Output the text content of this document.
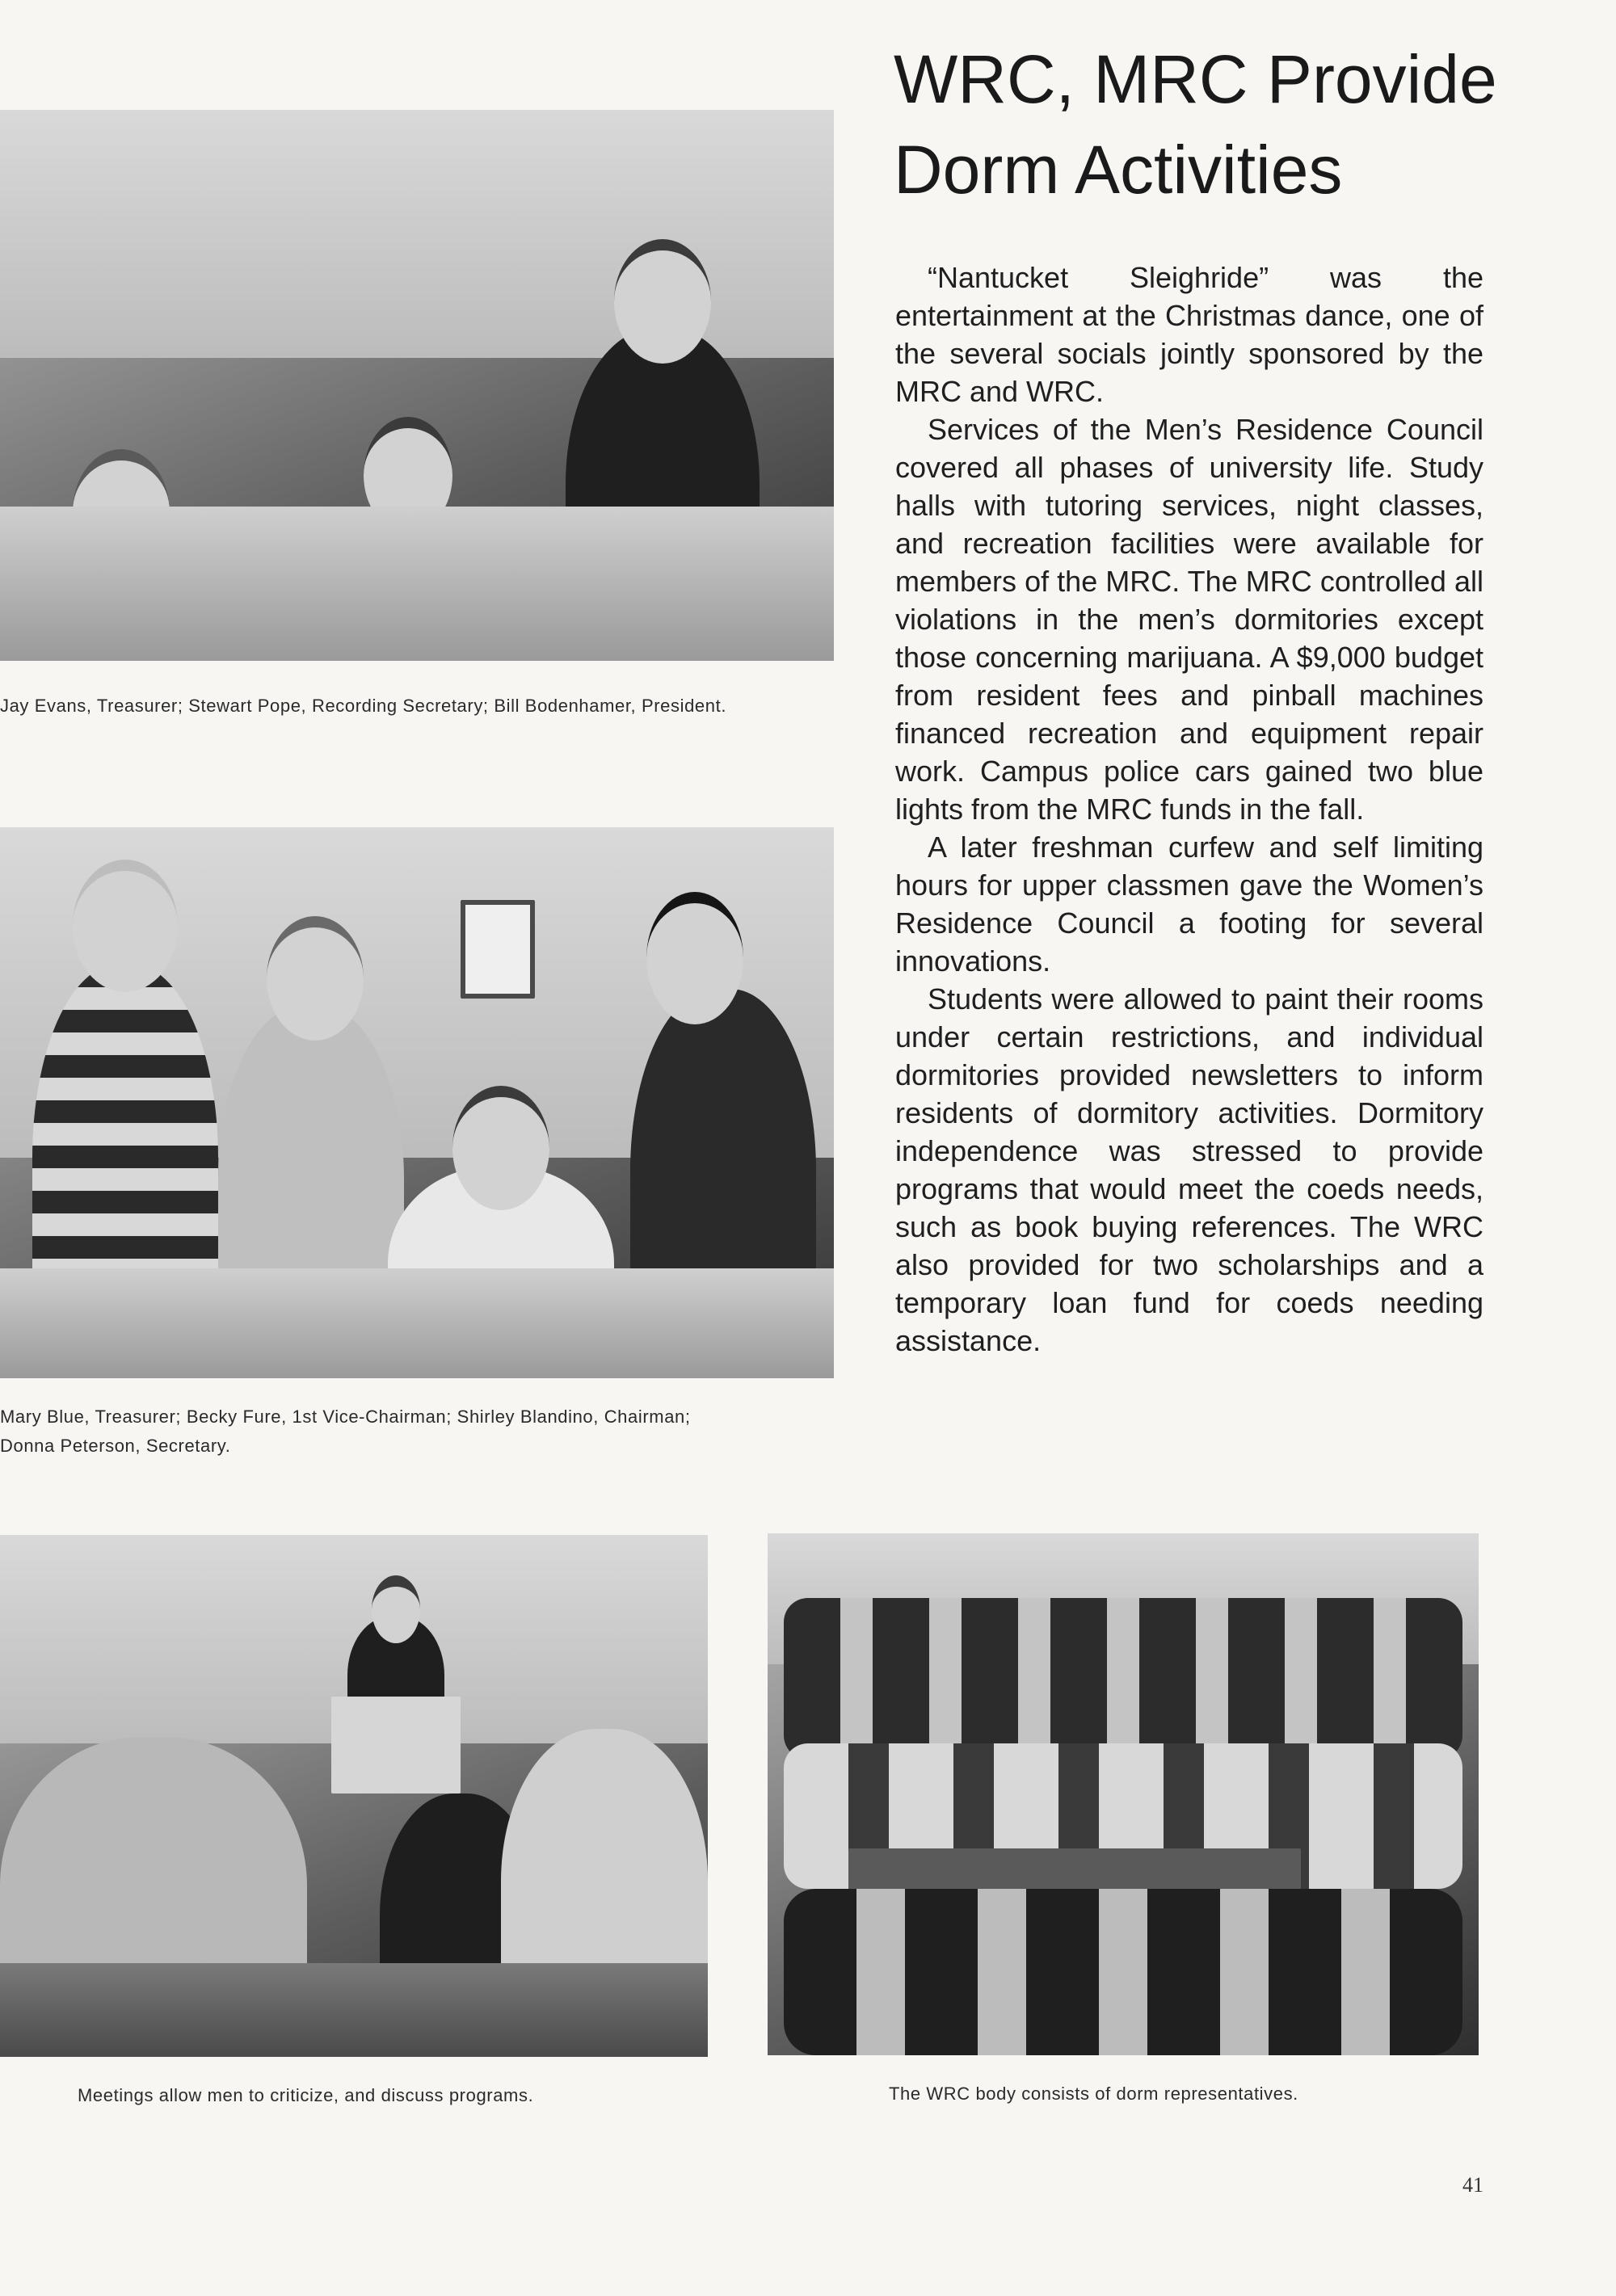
WRC, MRC Provide
Dorm Activities
Jay Evans, Treasurer; Stewart Pope, Recording Secretary; Bill Bodenhamer, President.
Mary Blue, Treasurer; Becky Fure, 1st Vice-Chairman; Shirley Blandino, Chairman;
Donna Peterson, Secretary.

“Nantucket Sleighride” was the entertainment at the Christmas dance, one of the several socials jointly sponsored by the MRC and WRC.

Services of the Men’s Residence Council covered all phases of university life. Study halls with tutoring services, night classes, and recreation facilities were available for members of the MRC. The MRC controlled all violations in the men’s dormitories except those concerning marijuana. A $9,000 budget from resident fees and pinball machines financed recreation and equipment repair work. Campus police cars gained two blue lights from the MRC funds in the fall.

A later freshman curfew and self limiting hours for upper classmen gave the Women’s Residence Council a footing for several innovations.

Students were allowed to paint their rooms under certain restrictions, and individual dormitories provided newsletters to inform residents of dormitory activities. Dormitory independence was stressed to provide programs that would meet the coeds needs, such as book buying references. The WRC also provided for two scholarships and a temporary loan fund for coeds needing assistance.

Meetings allow men to criticize, and discuss programs.	The WRC body consists of dorm representatives.
41
